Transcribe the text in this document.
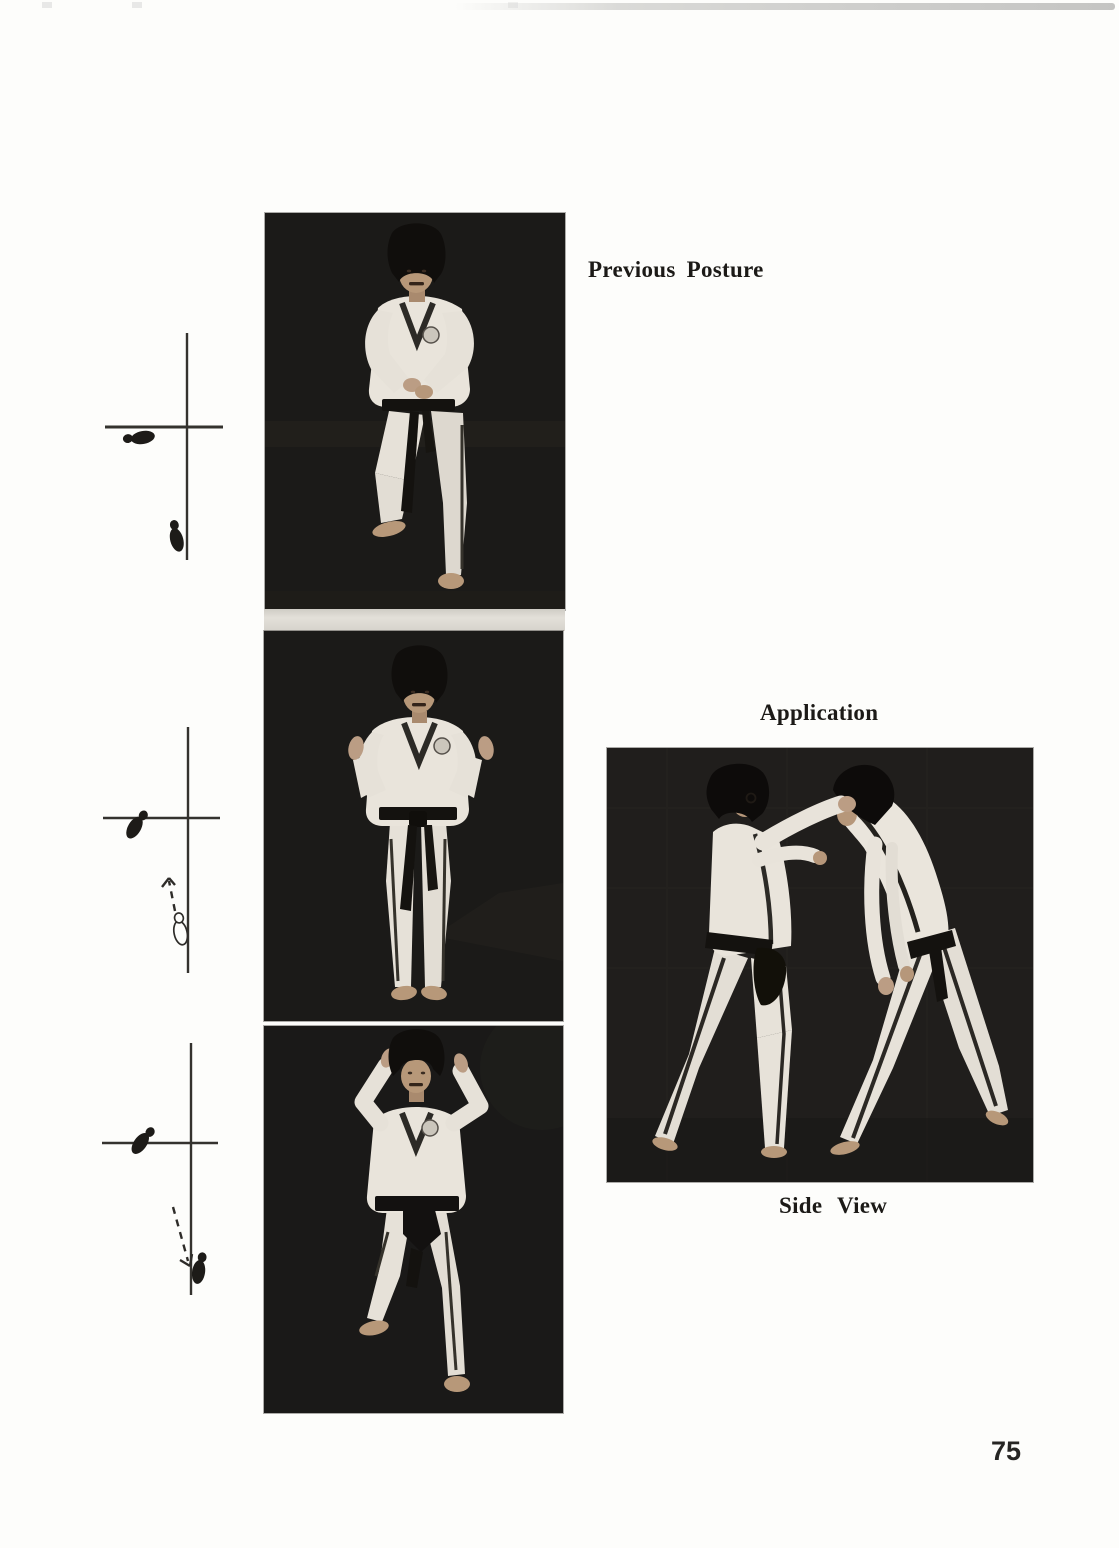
Previous Posture
Application
Side View
75
